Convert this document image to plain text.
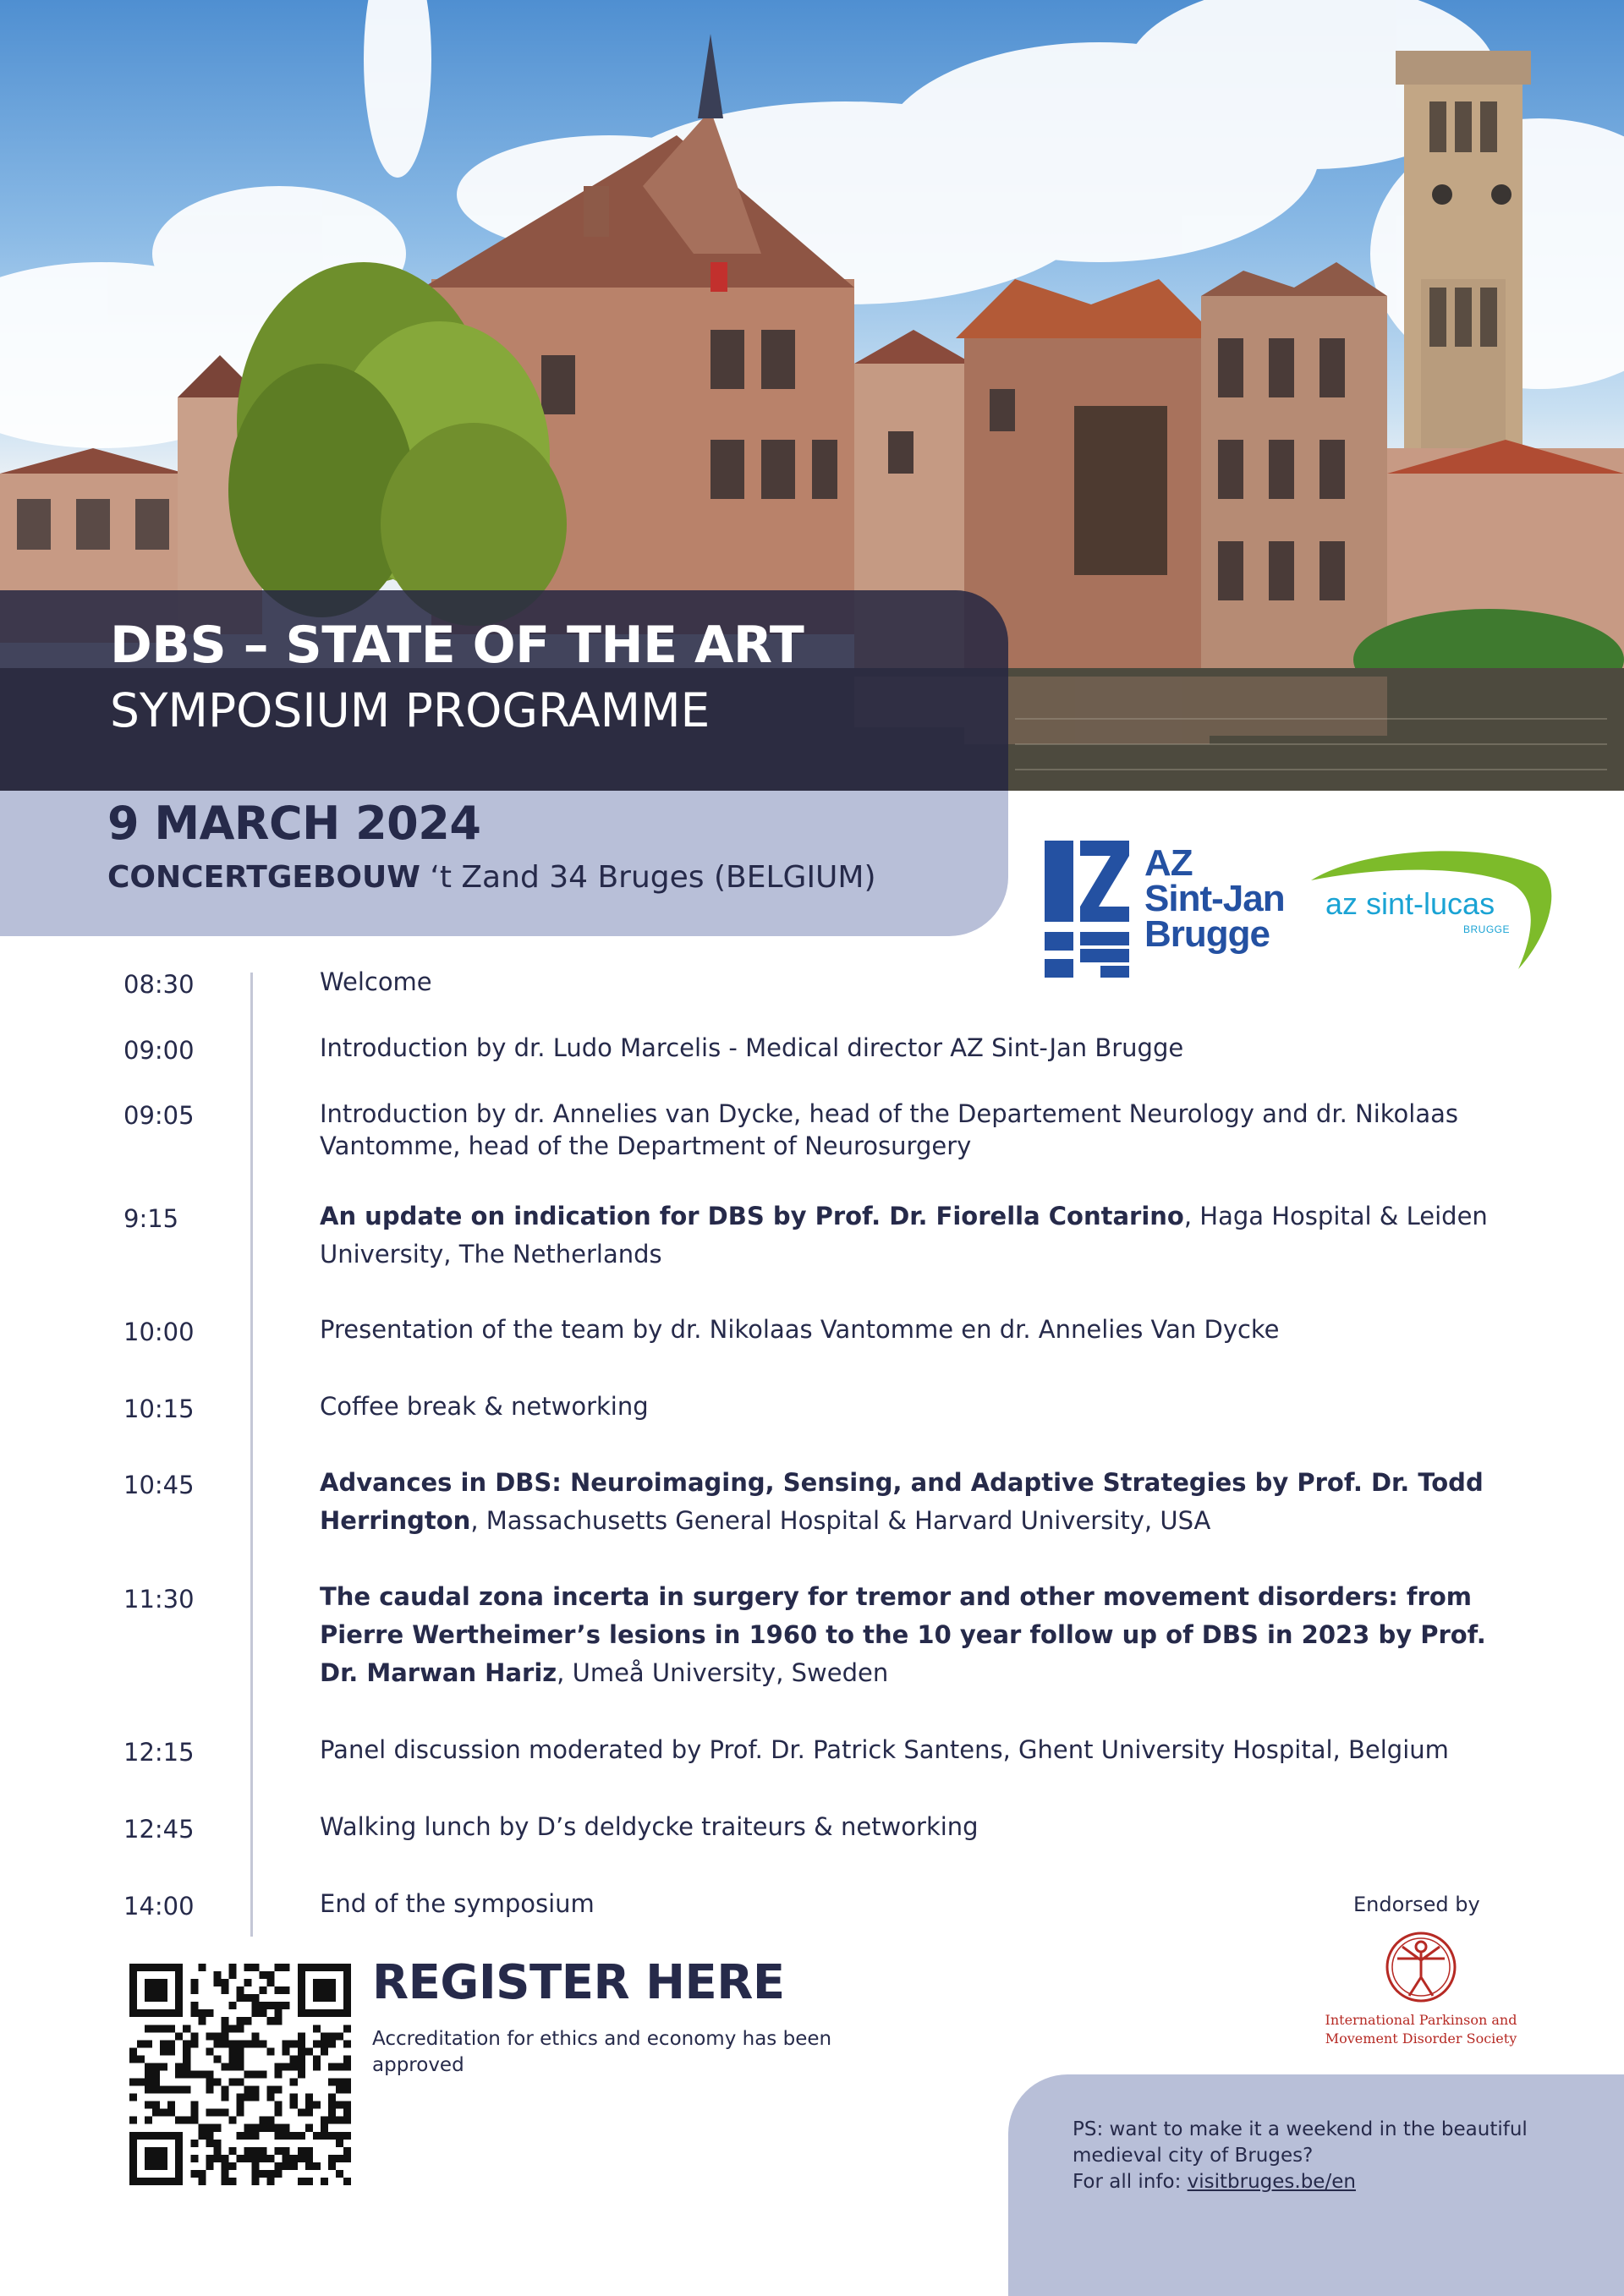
DBS – STATE OF THE ART
SYMPOSIUM PROGRAMME
9 MARCH 2024
CONCERTGEBOUW ‘t Zand 34 Bruges (BELGIUM)	AZ
Sint-Jan
Brugge
az sint-lucas
BRUGGE
08:30	Welcome
09:00	Introduction by dr. Ludo Marcelis - Medical director AZ Sint-Jan Brugge
09:05	Introduction by dr. Annelies van Dycke, head of the Departement Neurology and dr. Nikolaas Vantomme, head of the Department of Neurosurgery
9:15	An update on indication for DBS by Prof. Dr. Fiorella Contarino, Haga Hospital & Leiden University, The Netherlands
10:00	Presentation of the team by dr. Nikolaas Vantomme en dr. Annelies Van Dycke
10:15	Coffee break & networking
10:45	Advances in DBS: Neuroimaging, Sensing, and Adaptive Strategies by Prof. Dr. Todd Herrington, Massachusetts General Hospital & Harvard University, USA
11:30	The caudal zona incerta in surgery for tremor and other movement disorders: from Pierre Wertheimer’s lesions in 1960 to the 10 year follow up of DBS in 2023 by Prof. Dr. Marwan Hariz, Umeå University, Sweden
12:15	Panel discussion moderated by Prof. Dr. Patrick Santens, Ghent University Hospital, Belgium
12:45	Walking lunch by D’s deldycke traiteurs & networking
14:00	End of the symposium	Endorsed by
International Parkinson and Movement Disorder Society
REGISTER HERE
Accreditation for ethics and economy has been approved
PS: want to make it a weekend in the beautiful medieval city of Bruges?
For all info: visitbruges.be/en
